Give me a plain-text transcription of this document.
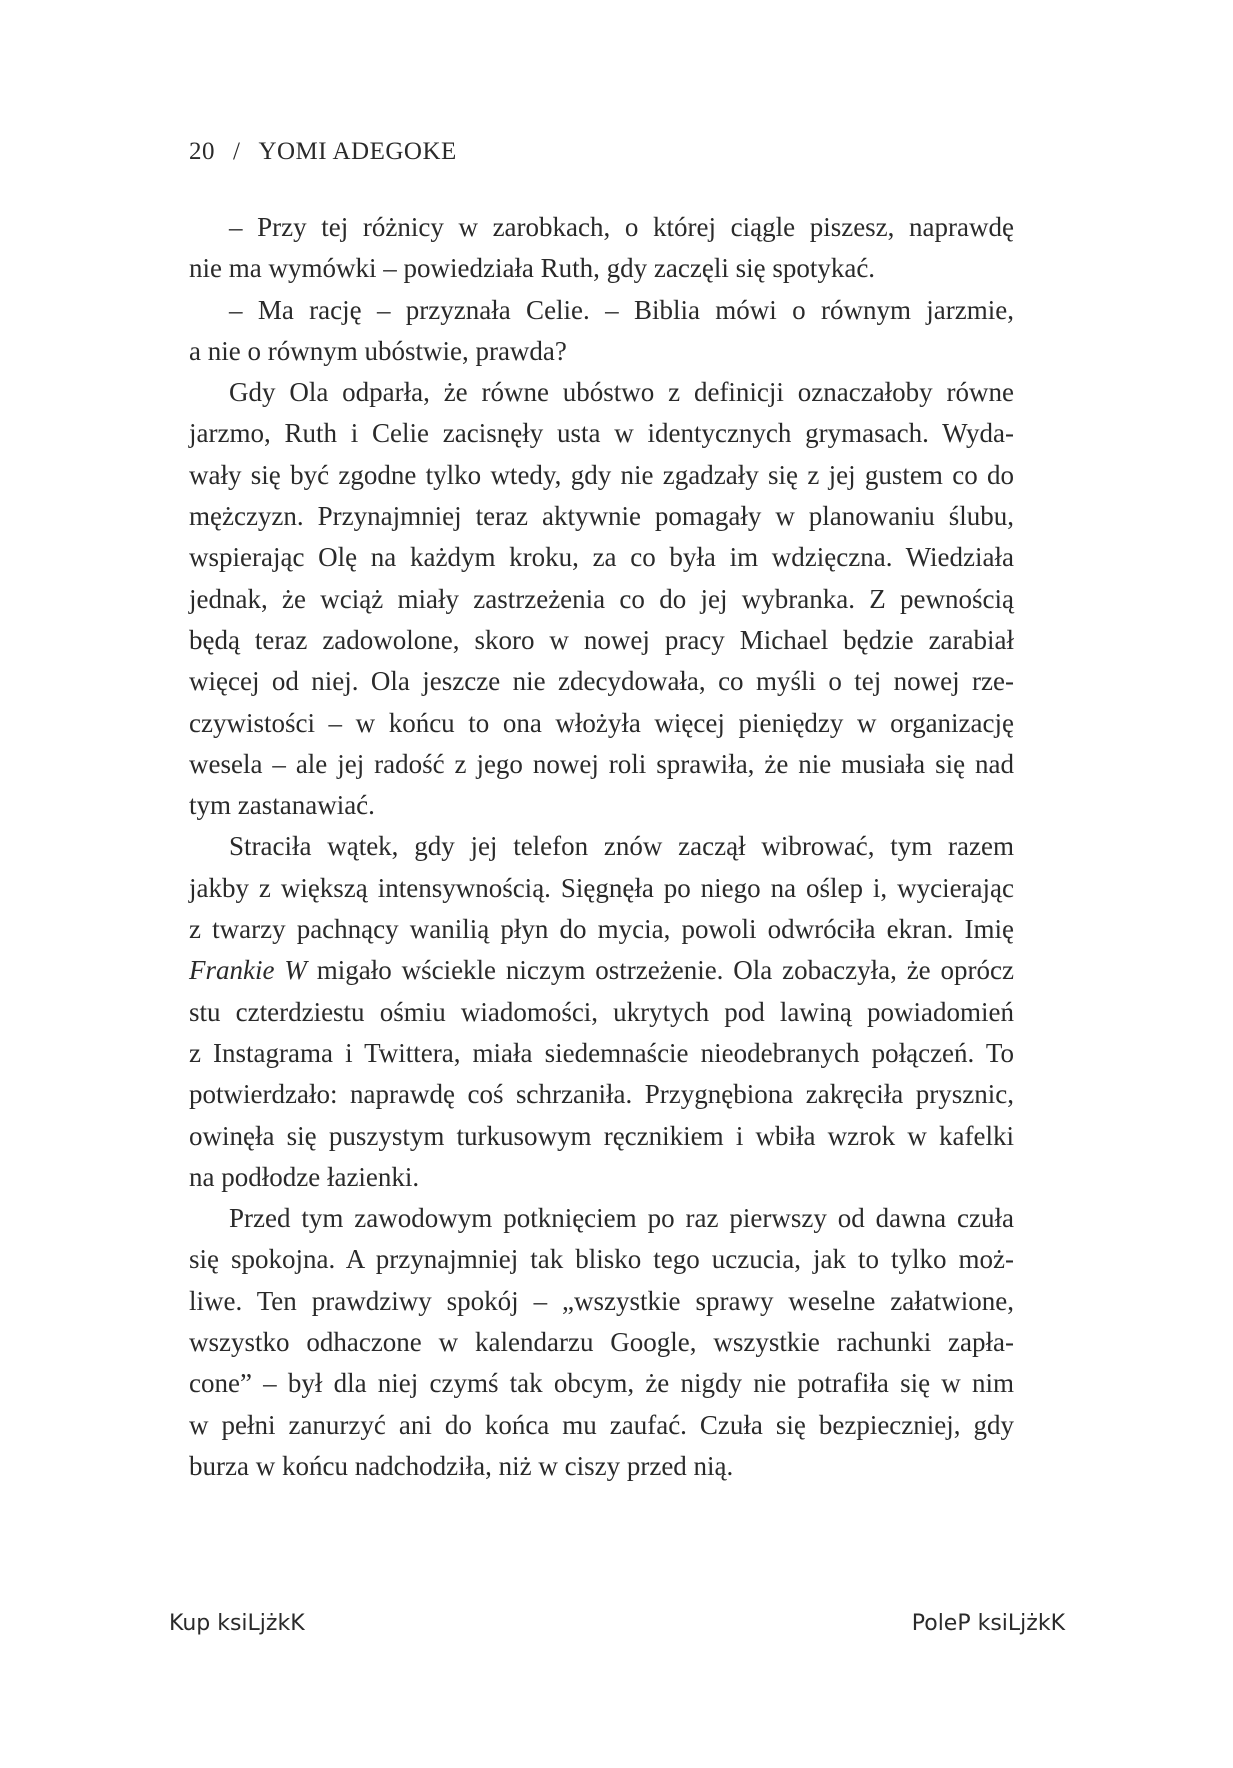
20 / YOMI ADEGOKE
– Przy tej różnicy w zarobkach, o której ciągle piszesz, naprawdę
nie ma wymówki – powiedziała Ruth, gdy zaczęli się spotykać.
– Ma rację – przyznała Celie. – Biblia mówi o równym jarzmie,
a nie o równym ubóstwie, prawda?
Gdy Ola odparła, że równe ubóstwo z definicji oznaczałoby równe
jarzmo, Ruth i Celie zacisnęły usta w identycznych grymasach. Wyda-
wały się być zgodne tylko wtedy, gdy nie zgadzały się z jej gustem co do
mężczyzn. Przynajmniej teraz aktywnie pomagały w planowaniu ślubu,
wspierając Olę na każdym kroku, za co była im wdzięczna. Wiedziała
jednak, że wciąż miały zastrzeżenia co do jej wybranka. Z pewnością
będą teraz zadowolone, skoro w nowej pracy Michael będzie zarabiał
więcej od niej. Ola jeszcze nie zdecydowała, co myśli o tej nowej rze-
czywistości – w końcu to ona włożyła więcej pieniędzy w organizację
wesela – ale jej radość z jego nowej roli sprawiła, że nie musiała się nad
tym zastanawiać.
Straciła wątek, gdy jej telefon znów zaczął wibrować, tym razem
jakby z większą intensywnością. Sięgnęła po niego na oślep i, wycierając
z twarzy pachnący wanilią płyn do mycia, powoli odwróciła ekran. Imię
Frankie W migało wściekle niczym ostrzeżenie. Ola zobaczyła, że oprócz
stu czterdziestu ośmiu wiadomości, ukrytych pod lawiną powiadomień
z Instagrama i Twittera, miała siedemnaście nieodebranych połączeń. To
potwierdzało: naprawdę coś schrzaniła. Przygnębiona zakręciła prysznic,
owinęła się puszystym turkusowym ręcznikiem i wbiła wzrok w kafelki
na podłodze łazienki.
Przed tym zawodowym potknięciem po raz pierwszy od dawna czuła
się spokojna. A przynajmniej tak blisko tego uczucia, jak to tylko moż-
liwe. Ten prawdziwy spokój – „wszystkie sprawy weselne załatwione,
wszystko odhaczone w kalendarzu Google, wszystkie rachunki zapła-
cone” – był dla niej czymś tak obcym, że nigdy nie potrafiła się w nim
w pełni zanurzyć ani do końca mu zaufać. Czuła się bezpieczniej, gdy
burza w końcu nadchodziła, niż w ciszy przed nią.
Kup ksiLjżkK	PoleP ksiLjżkK
